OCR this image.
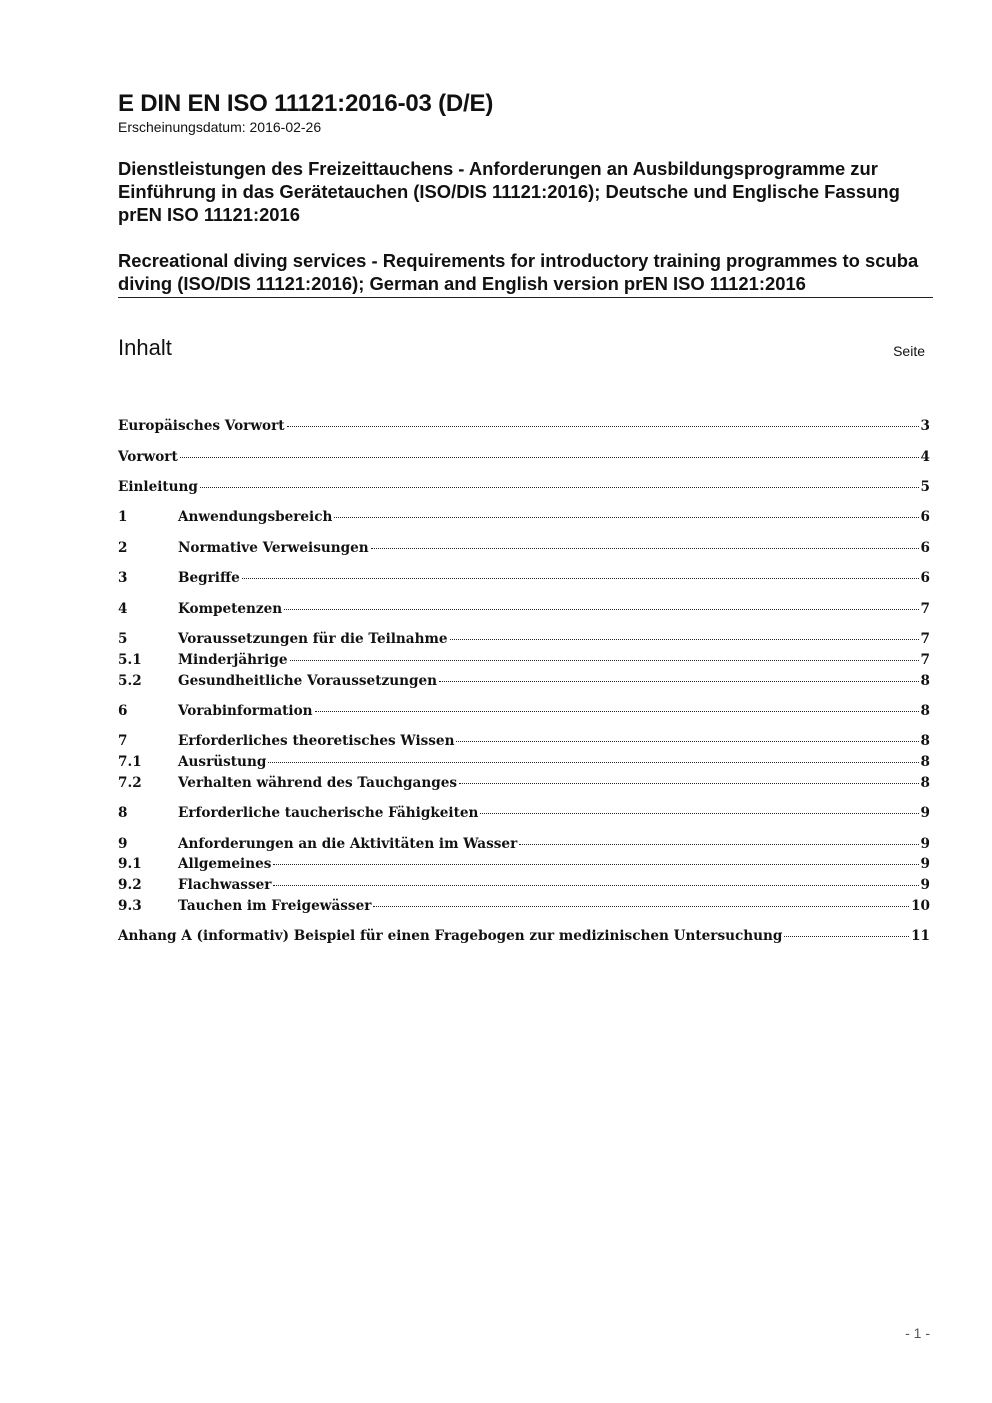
E DIN EN ISO 11121:2016-03 (D/E)
Erscheinungsdatum: 2016-02-26
Dienstleistungen des Freizeittauchens - Anforderungen an Ausbildungsprogramme zur Einführung in das Gerätetauchen (ISO/DIS 11121:2016); Deutsche und Englische Fassung prEN ISO 11121:2016
Recreational diving services - Requirements for introductory training programmes to scuba diving (ISO/DIS 11121:2016); German and English version prEN ISO 11121:2016
Inhalt	Seite
Europäisches Vorwort	3
Vorwort	4
Einleitung	5
1	Anwendungsbereich	6
2	Normative Verweisungen	6
3	Begriffe	6
4	Kompetenzen	7
5	Voraussetzungen für die Teilnahme	7
5.1	Minderjährige	7
5.2	Gesundheitliche Voraussetzungen	8
6	Vorabinformation	8
7	Erforderliches theoretisches Wissen	8
7.1	Ausrüstung	8
7.2	Verhalten während des Tauchganges	8
8	Erforderliche taucherische Fähigkeiten	9
9	Anforderungen an die Aktivitäten im Wasser	9
9.1	Allgemeines	9
9.2	Flachwasser	9
9.3	Tauchen im Freigewässer	10
Anhang A (informativ) Beispiel für einen Fragebogen zur medizinischen Untersuchung	11
- 1 -
